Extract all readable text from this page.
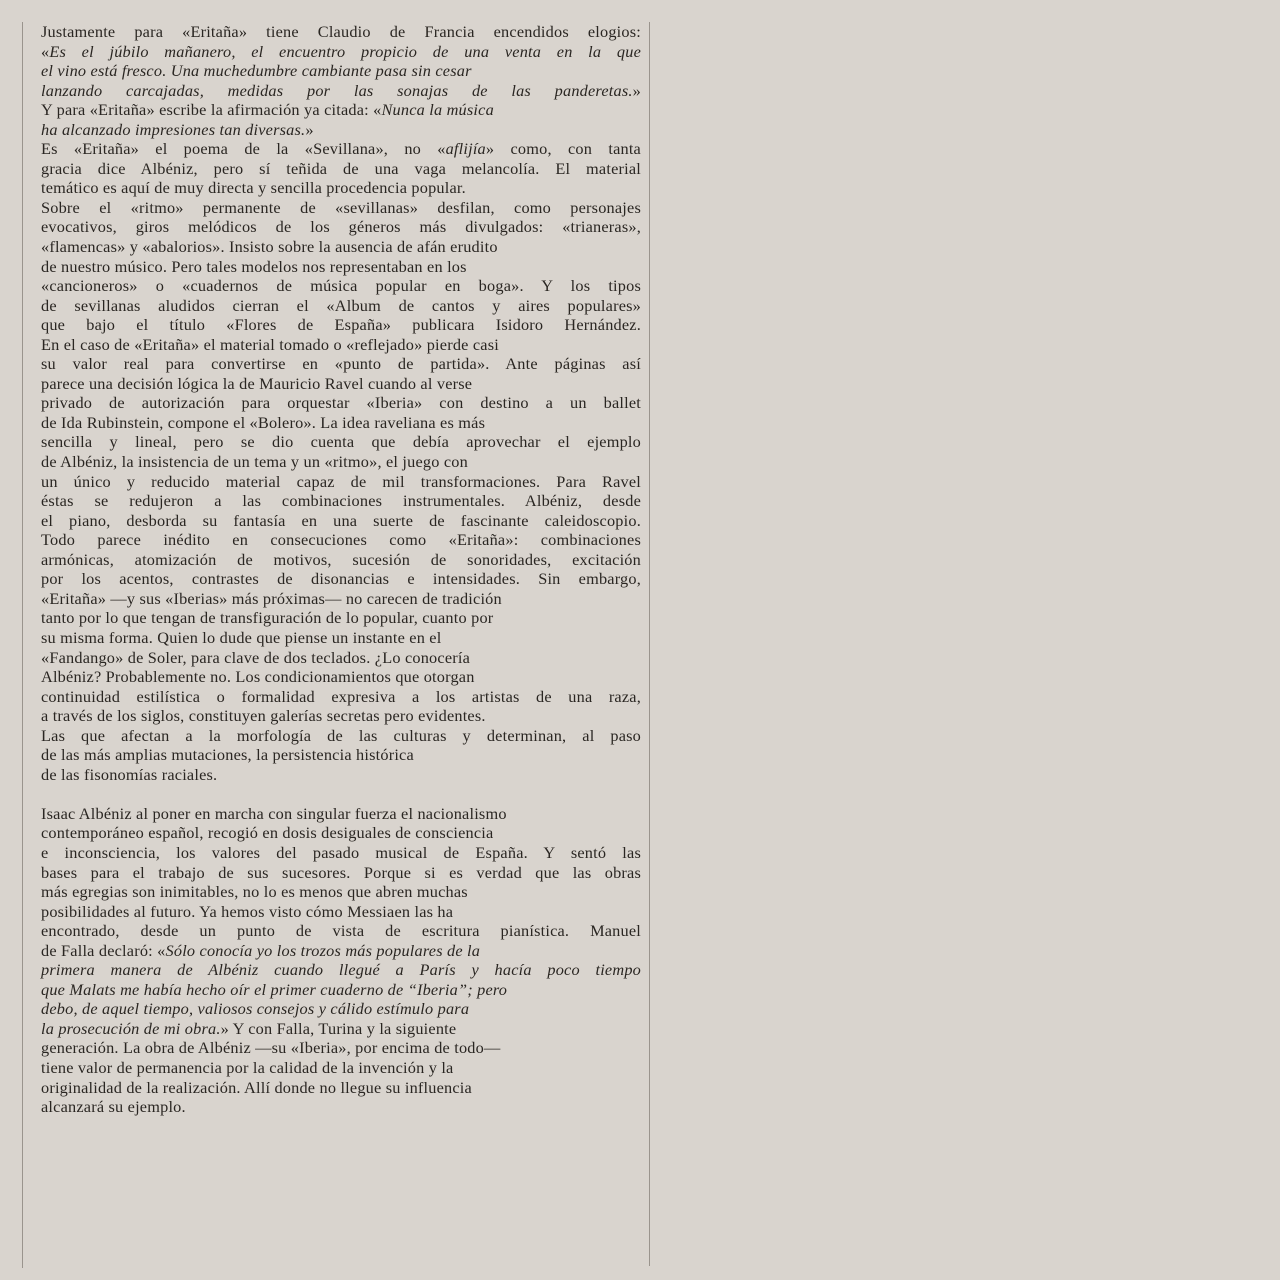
Justamente para «Eritaña» tiene Claudio de Francia encendidos elogios:
«Es el júbilo mañanero, el encuentro propicio de una venta en la que
el vino está fresco. Una muchedumbre cambiante pasa sin cesar
lanzando carcajadas, medidas por las sonajas de las panderetas.»
Y para «Eritaña» escribe la afirmación ya citada: «Nunca la música
ha alcanzado impresiones tan diversas.»
Es «Eritaña» el poema de la «Sevillana», no «aflijía» como, con tanta
gracia dice Albéniz, pero sí teñida de una vaga melancolía. El material
temático es aquí de muy directa y sencilla procedencia popular.
Sobre el «ritmo» permanente de «sevillanas» desfilan, como personajes
evocativos, giros melódicos de los géneros más divulgados: «trianeras»,
«flamencas» y «abalorios». Insisto sobre la ausencia de afán erudito
de nuestro músico. Pero tales modelos nos representaban en los
«cancioneros» o «cuadernos de música popular en boga». Y los tipos
de sevillanas aludidos cierran el «Album de cantos y aires populares»
que bajo el título «Flores de España» publicara Isidoro Hernández.
En el caso de «Eritaña» el material tomado o «reflejado» pierde casi
su valor real para convertirse en «punto de partida». Ante páginas así
parece una decisión lógica la de Mauricio Ravel cuando al verse
privado de autorización para orquestar «Iberia» con destino a un ballet
de Ida Rubinstein, compone el «Bolero». La idea raveliana es más
sencilla y lineal, pero se dio cuenta que debía aprovechar el ejemplo
de Albéniz, la insistencia de un tema y un «ritmo», el juego con
un único y reducido material capaz de mil transformaciones. Para Ravel
éstas se redujeron a las combinaciones instrumentales. Albéniz, desde
el piano, desborda su fantasía en una suerte de fascinante caleidoscopio.
Todo parece inédito en consecuciones como «Eritaña»: combinaciones
armónicas, atomización de motivos, sucesión de sonoridades, excitación
por los acentos, contrastes de disonancias e intensidades. Sin embargo,
«Eritaña» —y sus «Iberias» más próximas— no carecen de tradición
tanto por lo que tengan de transfiguración de lo popular, cuanto por
su misma forma. Quien lo dude que piense un instante en el
«Fandango» de Soler, para clave de dos teclados. ¿Lo conocería
Albéniz? Probablemente no. Los condicionamientos que otorgan
continuidad estilística o formalidad expresiva a los artistas de una raza,
a través de los siglos, constituyen galerías secretas pero evidentes.
Las que afectan a la morfología de las culturas y determinan, al paso
de las más amplias mutaciones, la persistencia histórica
de las fisonomías raciales.
Isaac Albéniz al poner en marcha con singular fuerza el nacionalismo
contemporáneo español, recogió en dosis desiguales de consciencia
e inconsciencia, los valores del pasado musical de España. Y sentó las
bases para el trabajo de sus sucesores. Porque si es verdad que las obras
más egregias son inimitables, no lo es menos que abren muchas
posibilidades al futuro. Ya hemos visto cómo Messiaen las ha
encontrado, desde un punto de vista de escritura pianística. Manuel
de Falla declaró: «Sólo conocía yo los trozos más populares de la
primera manera de Albéniz cuando llegué a París y hacía poco tiempo
que Malats me había hecho oír el primer cuaderno de “Iberia”; pero
debo, de aquel tiempo, valiosos consejos y cálido estímulo para
la prosecución de mi obra.» Y con Falla, Turina y la siguiente
generación. La obra de Albéniz —su «Iberia», por encima de todo—
tiene valor de permanencia por la calidad de la invención y la
originalidad de la realización. Allí donde no llegue su influencia
alcanzará su ejemplo.
